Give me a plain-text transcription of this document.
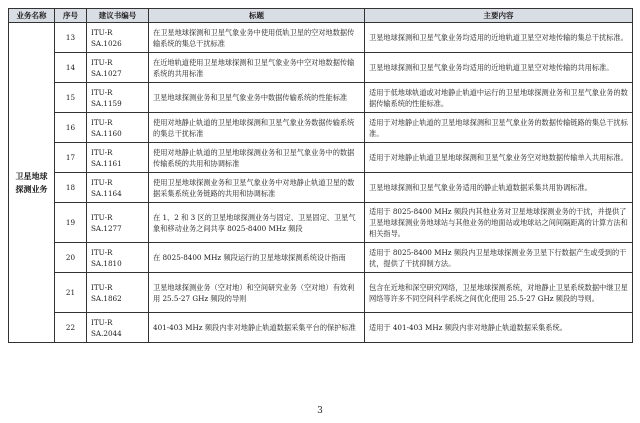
业务名称	序号	建议书编号	标题	主要内容
卫星地球探测业务	13	ITU-R SA.1026	在卫星地球探测和卫星气象业务中使用低轨卫星的空对地数据传输系统的集总干扰标准	卫星地球探测和卫星气象业务均适用的近地轨道卫星空对地传输的集总干扰标准。
	14	ITU-R SA.1027	在近地轨道使用卫星地球探测和卫星气象业务中空对地数据传输系统的共用标准	卫星地球探测和卫星气象业务均适用的近地轨道卫星空对地传输的共用标准。
	15	ITU-R SA.1159	卫星地球探测业务和卫星气象业务中数据传输系统的性能标准	适用于低地球轨道或对地静止轨道中运行的卫星地球探测业务和卫星气象业务的数据传输系统的性能标准。
	16	ITU-R SA.1160	使用对地静止轨道的卫星地球探测和卫星气象业务数据传输系统的集总干扰标准	适用于对地静止轨道的卫星地球探测和卫星气象业务的数据传输链路的集总干扰标准。
	17	ITU-R SA.1161	使用对地静止轨道的卫星地球探测业务和卫星气象业务中的数据传输系统的共用和协调标准	适用于对地静止轨道卫星地球探测和卫星气象业务空对地数据传输单入共用标准。
	18	ITU-R SA.1164	使用卫星地球探测业务和卫星气象业务中对地静止轨道卫星的数据采集系统业务链路的共用和协调标准	卫星地球探测和卫星气象业务适用的静止轨道数据采集共用协调标准。
	19	ITU-R SA.1277	在 1、2 和 3 区的卫星地球探测业务与固定、卫星固定、卫星气象和移动业务之间共享 8025-8400 MHz 频段	适用于 8025-8400 MHz 频段内其他业务对卫星地球探测业务的干扰，并提供了卫星地球探测业务地球站与其他业务的地面站或地球站之间间隔距离的计算方法和相关指导。
	20	ITU-R SA.1810	在 8025-8400 MHz 频段运行的卫星地球探测系统设计指南	适用于 8025-8400 MHz 频段内卫星地球探测业务卫星下行数据产生或受到的干扰，提供了干扰抑制方法。
	21	ITU-R SA.1862	卫星地球探测业务（空对地）和空间研究业务（空对地）有效利用 25.5-27 GHz 频段的导则	包含在近地和深空研究网络，卫星地球探测系统，对地静止卫星系统数据中继卫星网络等许多不同空间科学系统之间优化使用 25.5-27 GHz 频段的导则。
	22	ITU-R SA.2044	401-403 MHz 频段内非对地静止轨道数据采集平台的保护标准	适用于 401-403 MHz 频段内非对地静止轨道数据采集系统。
3
